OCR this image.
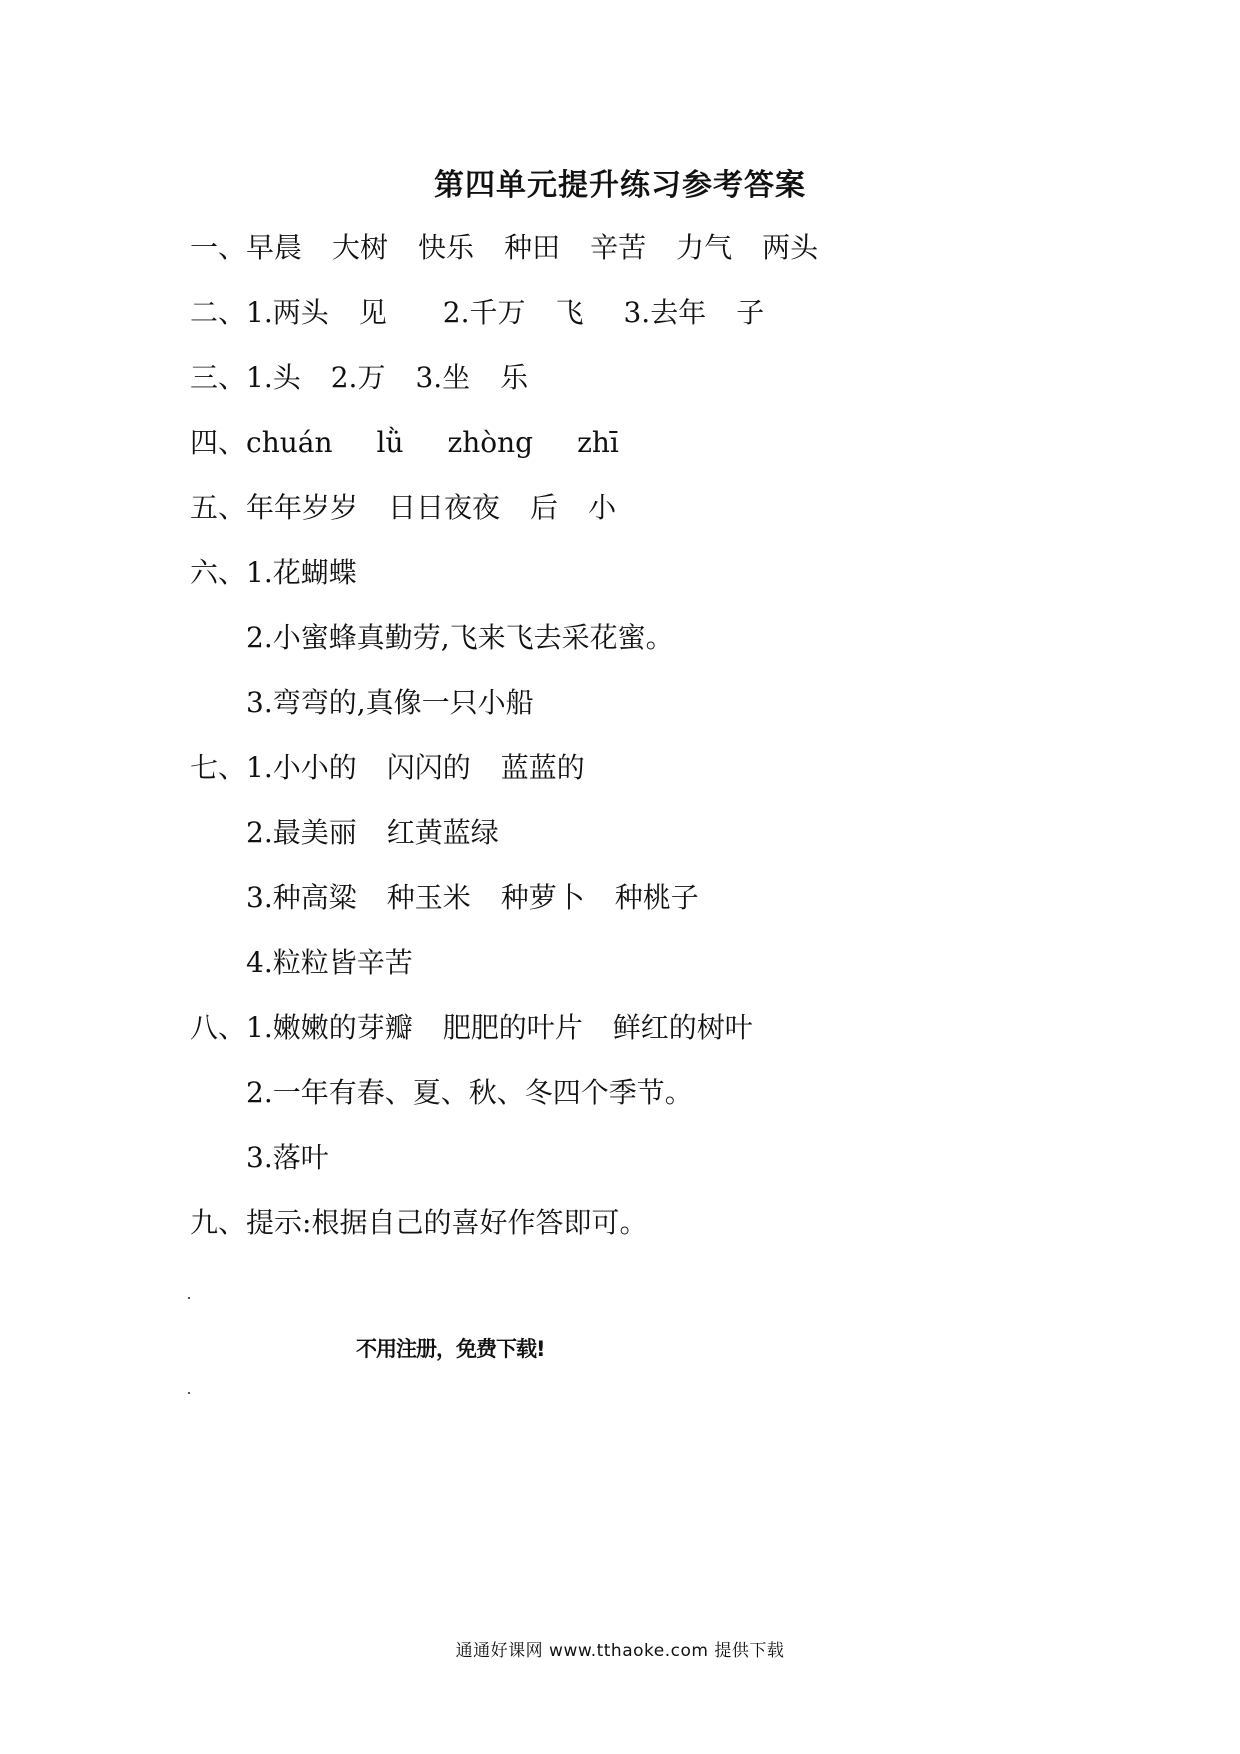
第四单元提升练习参考答案
一、早晨 大树 快乐 种田 辛苦 力气 两头
二、1.两头 见 2.千万 飞 3.去年 子
三、1.头 2.万 3.坐 乐
四、chuán lǜ zhòng zhī
五、年年岁岁 日日夜夜 后 小
六、1.花蝴蝶
2.小蜜蜂真勤劳,飞来飞去采花蜜。
3.弯弯的,真像一只小船
七、1.小小的 闪闪的 蓝蓝的
2.最美丽 红黄蓝绿
3.种高粱 种玉米 种萝卜 种桃子
4.粒粒皆辛苦
八、1.嫩嫩的芽瓣 肥肥的叶片 鲜红的树叶
2.一年有春、夏、秋、冬四个季节。
3.落叶
九、提示:根据自己的喜好作答即可。
不用注册，免费下载!
通通好课网 www.tthaoke.com 提供下载
